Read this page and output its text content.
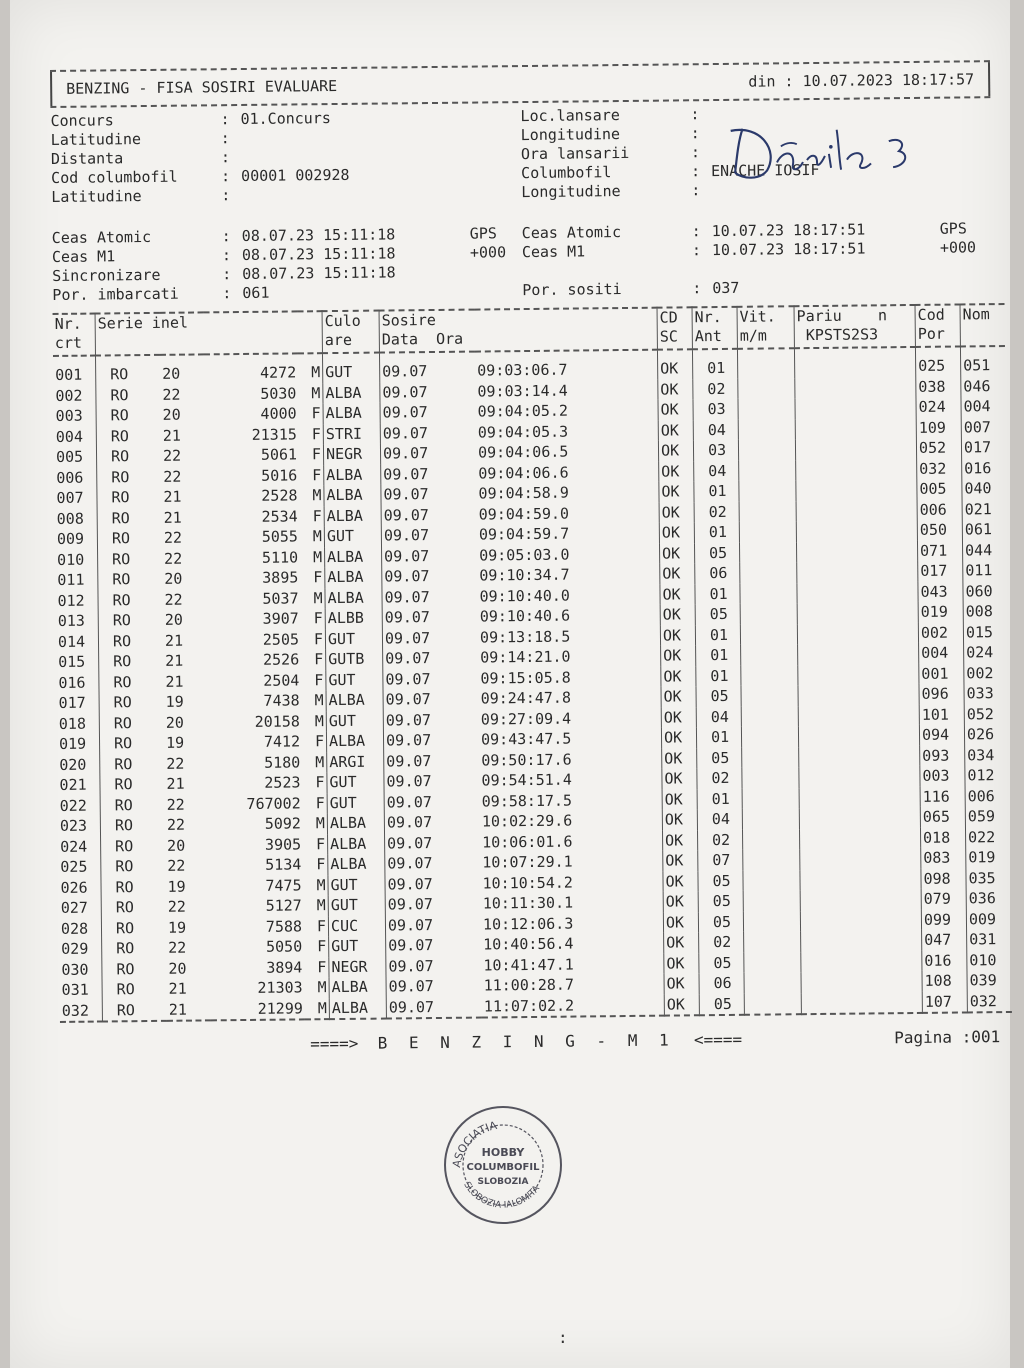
BENZING - FISA SOSIRI EVALUARE	din : 10.07.2023 18:17:57
Concurs	: 01.Concurs
Latitudine	:
Distanta	:
Cod columbofil	: 00001 002928
Latitudine	:
Loc.lansare	:
Longitudine	:
Ora lansarii	:
Columbofil	: ENACHE IOSIF
Longitudine	:
Ceas Atomic	: 08.07.23 15:11:18	GPS	Ceas Atomic	: 10.07.23 18:17:51	GPS
Ceas M1	: 08.07.23 15:11:18	+000	Ceas M1	: 10.07.23 18:17:51	+000
Sincronizare	: 08.07.23 15:11:18
Por. imbarcati	: 061	Por. sositi	: 037
Nr.
crt	Serie inel				Culo
are	Sosire
Data  Ora		CD
SC	Nr.
Ant	Vit.
m/m	Pariu    n
KPSTS2S3	Cod
Por	Nom
001	RO	20	4272	M	GUT	09.07	09:03:06.7	OK	01			025	051
002	RO	22	5030	M	ALBA	09.07	09:03:14.4	OK	02			038	046
003	RO	20	4000	F	ALBA	09.07	09:04:05.2	OK	03			024	004
004	RO	21	21315	F	STRI	09.07	09:04:05.3	OK	04			109	007
005	RO	22	5061	F	NEGR	09.07	09:04:06.5	OK	03			052	017
006	RO	22	5016	F	ALBA	09.07	09:04:06.6	OK	04			032	016
007	RO	21	2528	M	ALBA	09.07	09:04:58.9	OK	01			005	040
008	RO	21	2534	F	ALBA	09.07	09:04:59.0	OK	02			006	021
009	RO	22	5055	M	GUT	09.07	09:04:59.7	OK	01			050	061
010	RO	22	5110	M	ALBA	09.07	09:05:03.0	OK	05			071	044
011	RO	20	3895	F	ALBA	09.07	09:10:34.7	OK	06			017	011
012	RO	22	5037	M	ALBA	09.07	09:10:40.0	OK	01			043	060
013	RO	20	3907	F	ALBB	09.07	09:10:40.6	OK	05			019	008
014	RO	21	2505	F	GUT	09.07	09:13:18.5	OK	01			002	015
015	RO	21	2526	F	GUTB	09.07	09:14:21.0	OK	01			004	024
016	RO	21	2504	F	GUT	09.07	09:15:05.8	OK	01			001	002
017	RO	19	7438	M	ALBA	09.07	09:24:47.8	OK	05			096	033
018	RO	20	20158	M	GUT	09.07	09:27:09.4	OK	04			101	052
019	RO	19	7412	F	ALBA	09.07	09:43:47.5	OK	01			094	026
020	RO	22	5180	M	ARGI	09.07	09:50:17.6	OK	05			093	034
021	RO	21	2523	F	GUT	09.07	09:54:51.4	OK	02			003	012
022	RO	22	767002	F	GUT	09.07	09:58:17.5	OK	01			116	006
023	RO	22	5092	M	ALBA	09.07	10:02:29.6	OK	04			065	059
024	RO	20	3905	F	ALBA	09.07	10:06:01.6	OK	02			018	022
025	RO	22	5134	F	ALBA	09.07	10:07:29.1	OK	07			083	019
026	RO	19	7475	M	GUT	09.07	10:10:54.2	OK	05			098	035
027	RO	22	5127	M	GUT	09.07	10:11:30.1	OK	05			079	036
028	RO	19	7588	F	CUC	09.07	10:12:06.3	OK	05			099	009
029	RO	22	5050	F	GUT	09.07	10:40:56.4	OK	02			047	031
030	RO	20	3894	F	NEGR	09.07	10:41:47.1	OK	05			016	010
031	RO	21	21303	M	ALBA	09.07	11:00:28.7	OK	06			108	039
032	RO	21	21299	M	ALBA	09.07	11:07:02.2	OK	05			107	032

====> B E N Z I N G - M 1 <====	Pagina :001
ASOCIATIA
SLOBOZIA-IALOMITA
HOBBY
COLUMBOFIL
SLOBOZIA
:
